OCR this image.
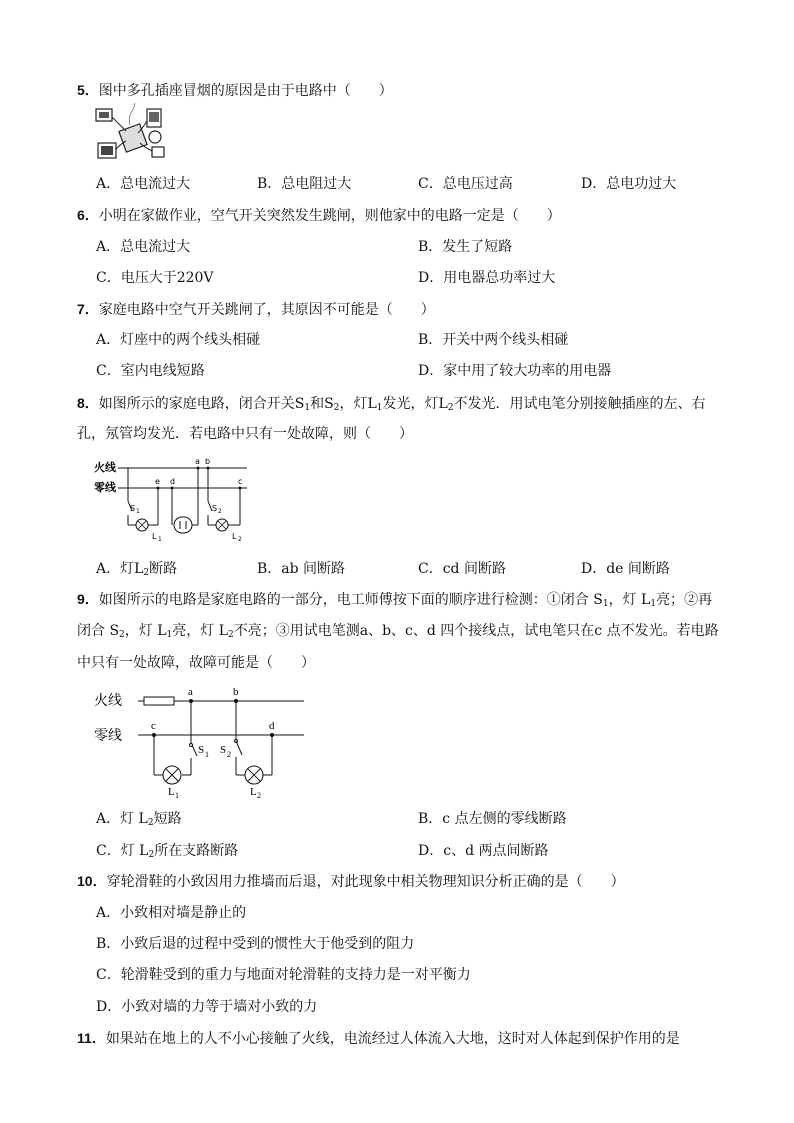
5．图中多孔插座冒烟的原因是由于电路中（　　）
A．总电流过大	B．总电阻过大	C．总电压过高	D．总电功过大
6．小明在家做作业，空气开关突然发生跳闸，则他家中的电路一定是（　　）
A．总电流过大	B．发生了短路
C．电压大于220V	D．用电器总功率过大
7．家庭电路中空气开关跳闸了，其原因不可能是（　　）
A．灯座中的两个线头相碰	B．开关中两个线头相碰
C．室内电线短路	D．家中用了较大功率的用电器
8．如图所示的家庭电路，闭合开关$S_1$和$S_2$，灯$L_1$发光，灯$L_2$不发光．用试电笔分别接触插座的左、右
孔，氖管均发光．若电路中只有一处故障，则（　　）
火线
零线
S 1
L 1
e d
a b
c
S 2
L 2
A．灯$L_2$断路	B．ab 间断路	C．cd 间断路	D．de 间断路
9．如图所示的电路是家庭电路的一部分，电工师傅按下面的顺序进行检测：①闭合 $S_1$，灯 $L_1$亮；②再
闭合 $S_2$，灯 $L_1$亮，灯 $L_2$不亮；③用试电笔测a、b、c、d 四个接线点，试电笔只在c 点不发光。若电路
中只有一处故障，故障可能是（　　）
火线
零线
a
S 1
c
L 1
b
S 2
d
L 2
A．灯 $L_2$短路	B．c 点左侧的零线断路
C．灯 $L_2$所在支路断路	D．c、d 两点间断路
10．穿轮滑鞋的小致因用力推墙而后退，对此现象中相关物理知识分析正确的是（　　）
A．小致相对墙是静止的
B．小致后退的过程中受到的惯性大于他受到的阻力
C．轮滑鞋受到的重力与地面对轮滑鞋的支持力是一对平衡力
D．小致对墙的力等于墙对小致的力
11．如果站在地上的人不小心接触了火线，电流经过人体流入大地，这时对人体起到保护作用的是
